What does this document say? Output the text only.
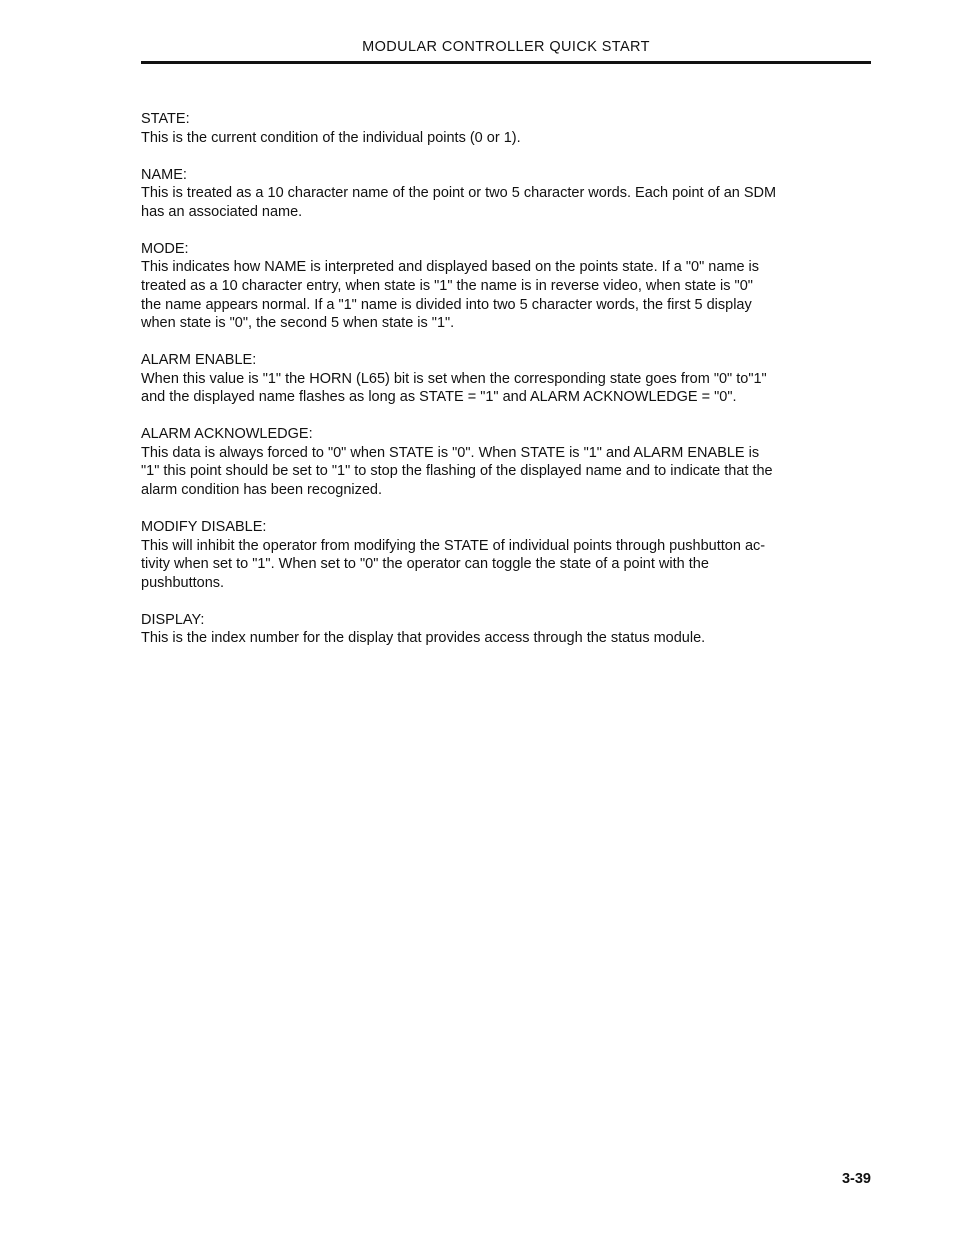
MODULAR CONTROLLER QUICK START
STATE:
This is the current condition of the individual points (0 or 1).
NAME:
This is treated as a 10 character name of the point or two 5 character words. Each point of an SDM
has an associated name.
MODE:
This indicates how NAME is interpreted and displayed based on the points state. If a "0" name is
treated as a 10 character entry, when state is "1" the name is in reverse video, when state is "0"
the name appears normal. If a "1" name is divided into two 5 character words, the first 5 display
when state is "0", the second 5 when state is "1".
ALARM ENABLE:
When this value is "1" the HORN (L65) bit is set when the corresponding state goes from "0" to"1"
and the displayed name flashes as long as STATE = "1" and ALARM ACKNOWLEDGE = "0".
ALARM ACKNOWLEDGE:
This data is always forced to "0" when STATE is "0". When STATE is "1" and ALARM ENABLE is
"1" this point should be set to "1" to stop the flashing of the displayed name and to indicate that the
alarm condition has been recognized.
MODIFY DISABLE:
This will inhibit the operator from modifying the STATE of individual points through pushbutton ac-
tivity when set to "1". When set to "0" the operator can toggle the state of a point with the
pushbuttons.
DISPLAY:
This is the index number for the display that provides access through the status module.
3-39
